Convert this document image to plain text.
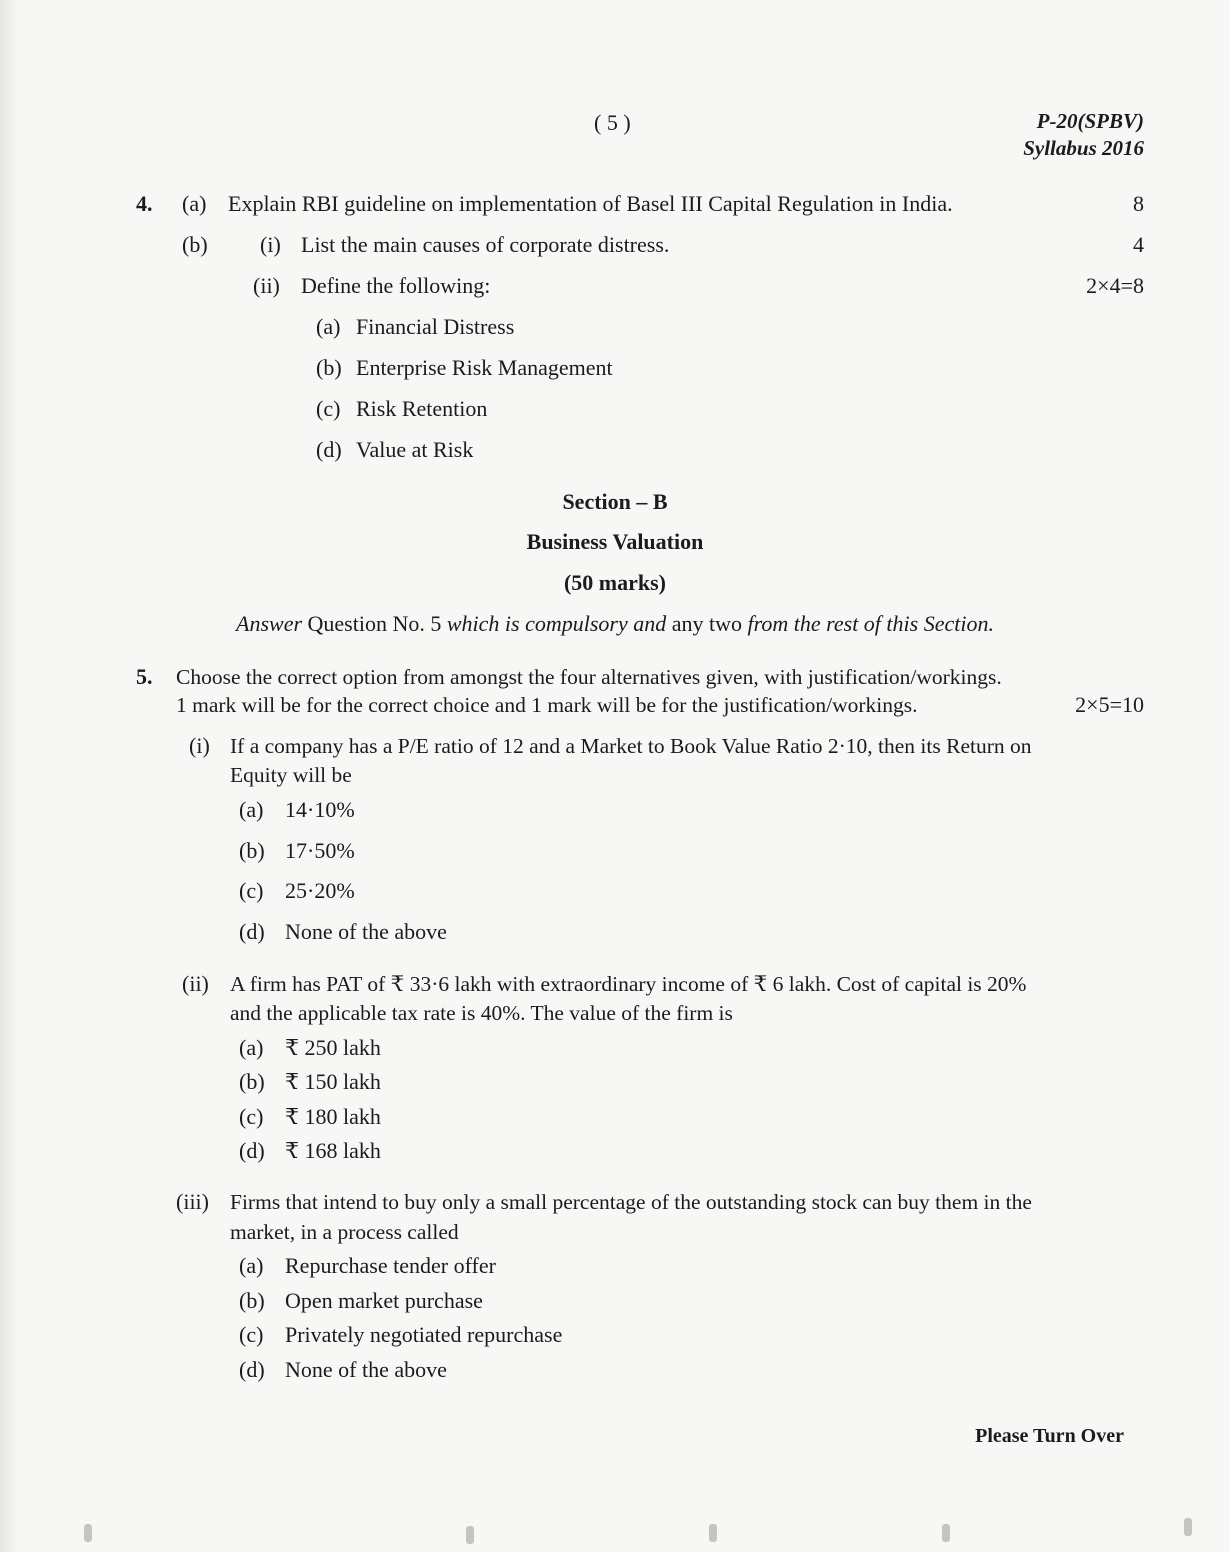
( 5 )	P-20(SPBV)
Syllabus 2016
4. (a) Explain RBI guideline on implementation of Basel III Capital Regulation in India.	8
(b) (i) List the main causes of corporate distress.	4
(ii) Define the following:	2×4=8
(a) Financial Distress
(b) Enterprise Risk Management
(c) Risk Retention
(d) Value at Risk
Section – B
Business Valuation
(50 marks)
Answer Question No. 5 which is compulsory and any two from the rest of this Section.
5. Choose the correct option from amongst the four alternatives given, with justification/workings.
1 mark will be for the correct choice and 1 mark will be for the justification/workings.	2×5=10
(i) If a company has a P/E ratio of 12 and a Market to Book Value Ratio 2·10, then its Return on
Equity will be
(a) 14·10%
(b) 17·50%
(c) 25·20%
(d) None of the above
(ii) A firm has PAT of ₹ 33·6 lakh with extraordinary income of ₹ 6 lakh. Cost of capital is 20%
and the applicable tax rate is 40%. The value of the firm is
(a) ₹ 250 lakh
(b) ₹ 150 lakh
(c) ₹ 180 lakh
(d) ₹ 168 lakh
(iii) Firms that intend to buy only a small percentage of the outstanding stock can buy them in the
market, in a process called
(a) Repurchase tender offer
(b) Open market purchase
(c) Privately negotiated repurchase
(d) None of the above
Please Turn Over
